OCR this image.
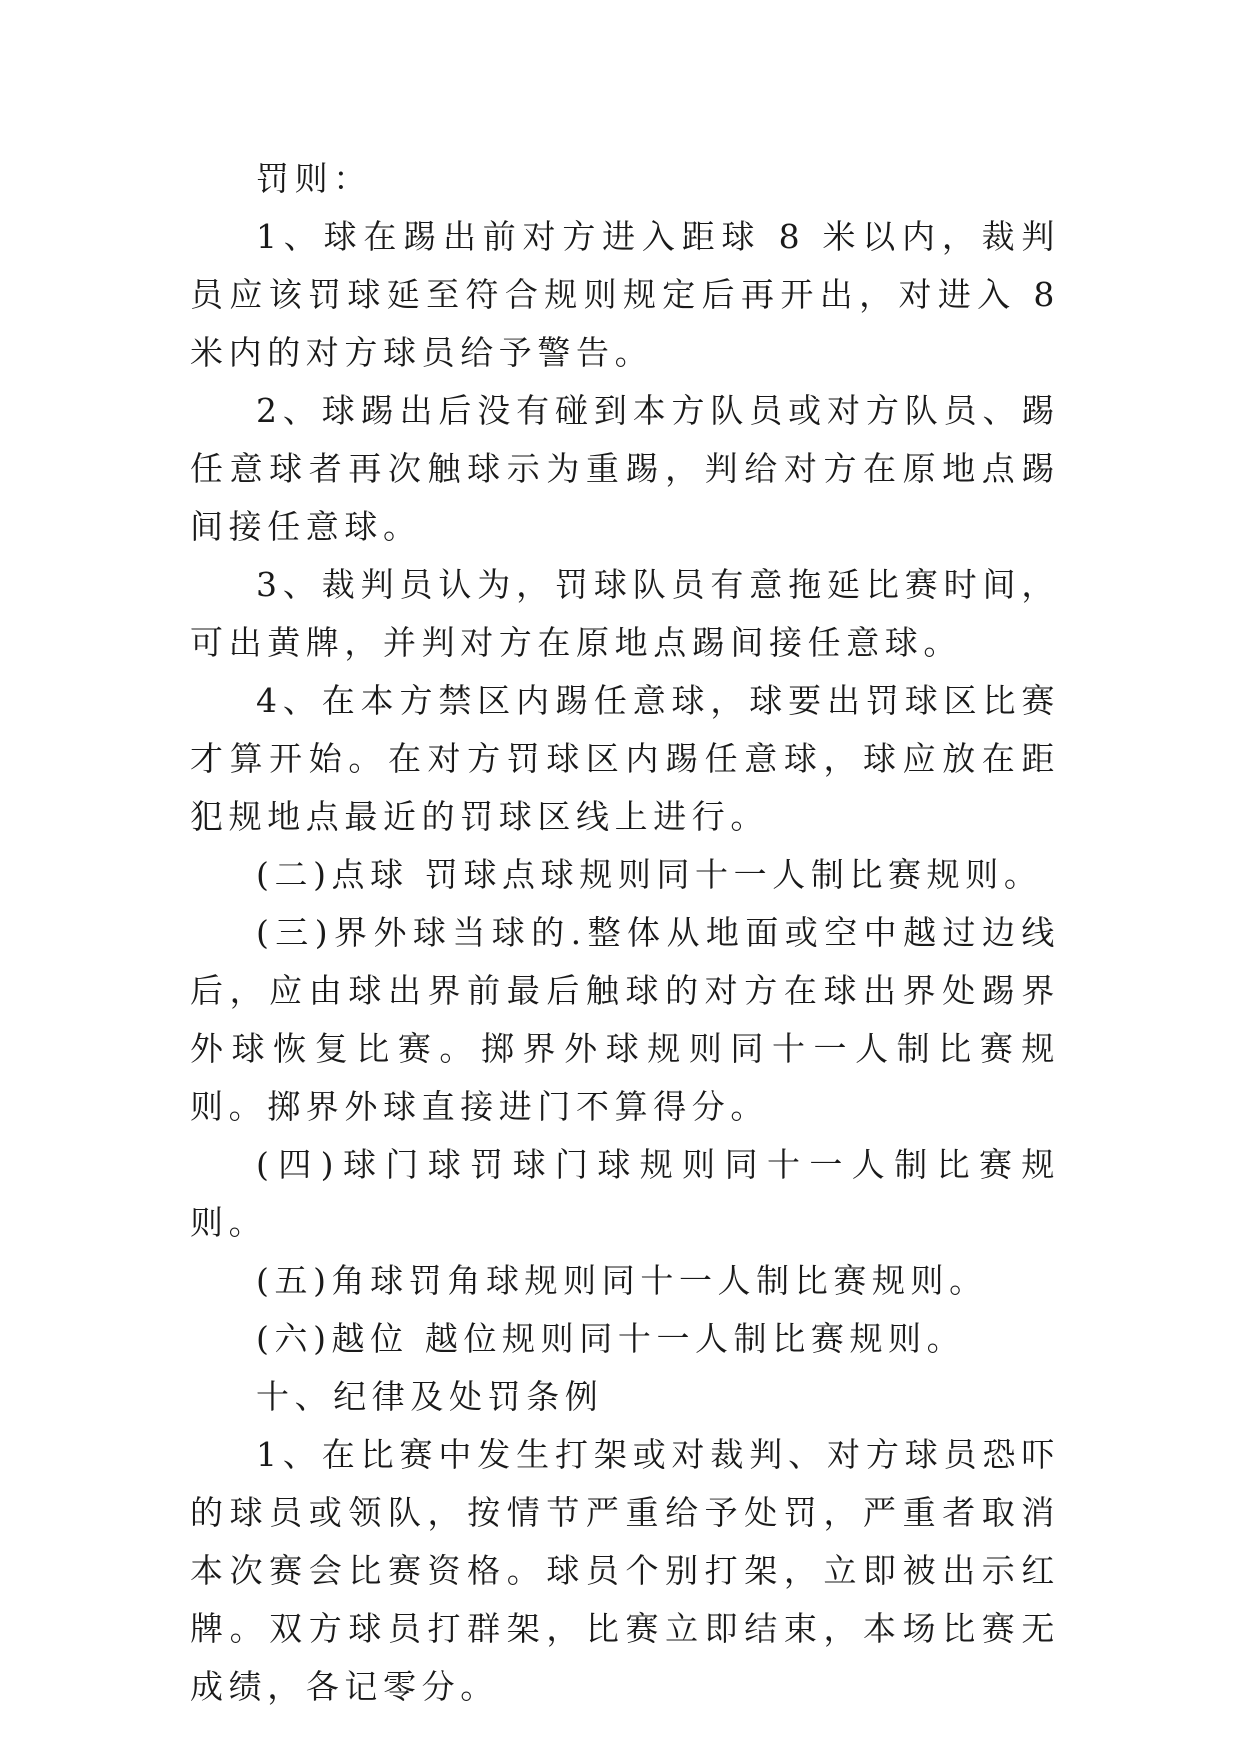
罚则：

1、球在踢出前对方进入距球 8 米以内，裁判员应该罚球延至符合规则规定后再开出，对进入 8 米内的对方球员给予警告。

2、球踢出后没有碰到本方队员或对方队员、踢任意球者再次触球示为重踢，判给对方在原地点踢间接任意球。

3、裁判员认为，罚球队员有意拖延比赛时间，可出黄牌，并判对方在原地点踢间接任意球。

4、在本方禁区内踢任意球，球要出罚球区比赛才算开始。在对方罚球区内踢任意球，球应放在距犯规地点最近的罚球区线上进行。

(二)点球 罚球点球规则同十一人制比赛规则。

(三)界外球当球的.整体从地面或空中越过边线后，应由球出界前最后触球的对方在球出界处踢界外球恢复比赛。掷界外球规则同十一人制比赛规则。掷界外球直接进门不算得分。

(四)球门球罚球门球规则同十一人制比赛规则。

(五)角球罚角球规则同十一人制比赛规则。

(六)越位 越位规则同十一人制比赛规则。

十、纪律及处罚条例

1、在比赛中发生打架或对裁判、对方球员恐吓的球员或领队，按情节严重给予处罚，严重者取消本次赛会比赛资格。球员个别打架，立即被出示红牌。双方球员打群架，比赛立即结束，本场比赛无成绩，各记零分。
